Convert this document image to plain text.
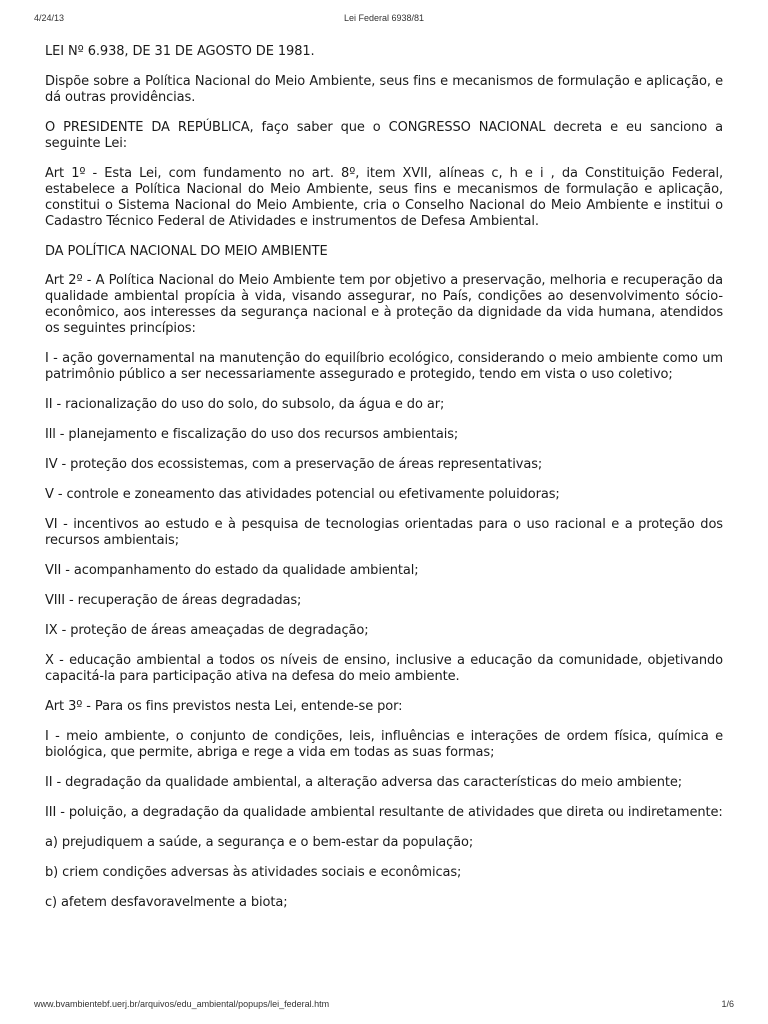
4/24/13	Lei Federal 6938/81

LEI Nº 6.938, DE 31 DE AGOSTO DE 1981.

Dispõe sobre a Política Nacional do Meio Ambiente, seus fins e mecanismos de formulação e aplicação, e dá outras providências.

O PRESIDENTE DA REPÚBLICA, faço saber que o CONGRESSO NACIONAL decreta e eu sanciono a seguinte Lei:

Art 1º - Esta Lei, com fundamento no art. 8º, item XVII, alíneas c, h e i , da Constituição Federal, estabelece a Política Nacional do Meio Ambiente, seus fins e mecanismos de formulação e aplicação, constitui o Sistema Nacional do Meio Ambiente, cria o Conselho Nacional do Meio Ambiente e institui o Cadastro Técnico Federal de Atividades e instrumentos de Defesa Ambiental.

DA POLÍTICA NACIONAL DO MEIO AMBIENTE

Art 2º - A Política Nacional do Meio Ambiente tem por objetivo a preservação, melhoria e recuperação da qualidade ambiental propícia à vida, visando assegurar, no País, condições ao desenvolvimento sócio-econômico, aos interesses da segurança nacional e à proteção da dignidade da vida humana, atendidos os seguintes princípios:

I - ação governamental na manutenção do equilíbrio ecológico, considerando o meio ambiente como um patrimônio público a ser necessariamente assegurado e protegido, tendo em vista o uso coletivo;

II - racionalização do uso do solo, do subsolo, da água e do ar;

Ill - planejamento e fiscalização do uso dos recursos ambientais;

IV - proteção dos ecossistemas, com a preservação de áreas representativas;

V - controle e zoneamento das atividades potencial ou efetivamente poluidoras;

VI - incentivos ao estudo e à pesquisa de tecnologias orientadas para o uso racional e a proteção dos recursos ambientais;

VII - acompanhamento do estado da qualidade ambiental;

VIII - recuperação de áreas degradadas;

IX - proteção de áreas ameaçadas de degradação;

X - educação ambiental a todos os níveis de ensino, inclusive a educação da comunidade, objetivando capacitá-la para participação ativa na defesa do meio ambiente.

Art 3º - Para os fins previstos nesta Lei, entende-se por:

I - meio ambiente, o conjunto de condições, leis, influências e interações de ordem física, química e biológica, que permite, abriga e rege a vida em todas as suas formas;

II - degradação da qualidade ambiental, a alteração adversa das características do meio ambiente;

III - poluição, a degradação da qualidade ambiental resultante de atividades que direta ou indiretamente:

a) prejudiquem a saúde, a segurança e o bem-estar da população;

b) criem condições adversas às atividades sociais e econômicas;

c) afetem desfavoravelmente a biota;

www.bvambientebf.uerj.br/arquivos/edu_ambiental/popups/lei_federal.htm	1/6
